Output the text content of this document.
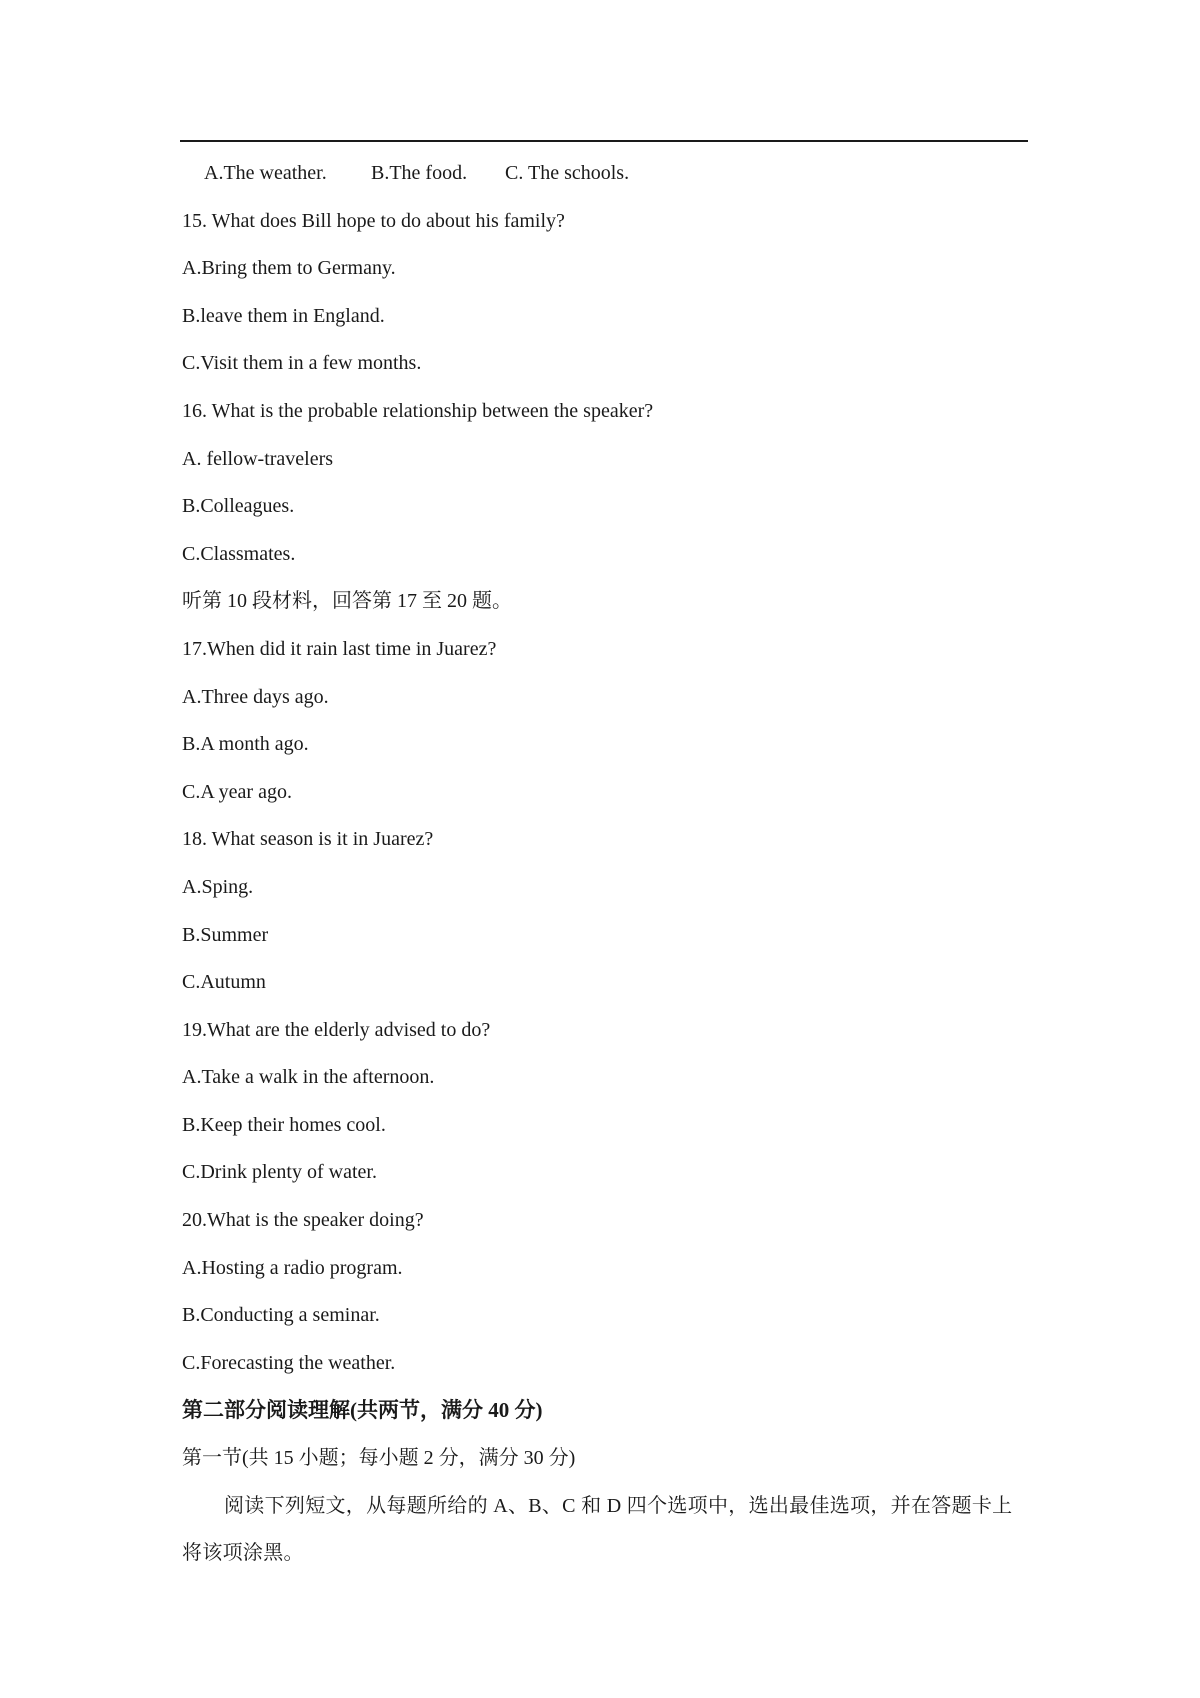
A.The weather. B.The food. C. The schools.
15. What does Bill hope to do about his family?
A.Bring them to Germany.
B.leave them in England.
C.Visit them in a few months.
16. What is the probable relationship between the speaker?
A. fellow-travelers
B.Colleagues.
C.Classmates.
听第 10 段材料，回答第 17 至 20 题。
17.When did it rain last time in Juarez?
A.Three days ago.
B.A month ago.
C.A year ago.
18. What season is it in Juarez?
A.Sping.
B.Summer
C.Autumn
19.What are the elderly advised to do?
A.Take a walk in the afternoon.
B.Keep their homes cool.
C.Drink plenty of water.
20.What is the speaker doing?
A.Hosting a radio program.
B.Conducting a seminar.
C.Forecasting the weather.
第二部分阅读理解(共两节，满分 40 分)
第一节(共 15 小题；每小题 2 分，满分 30 分)
阅读下列短文，从每题所给的 A、B、C 和 D 四个选项中，选出最佳选项，并在答题卡上将该项涂黑。
